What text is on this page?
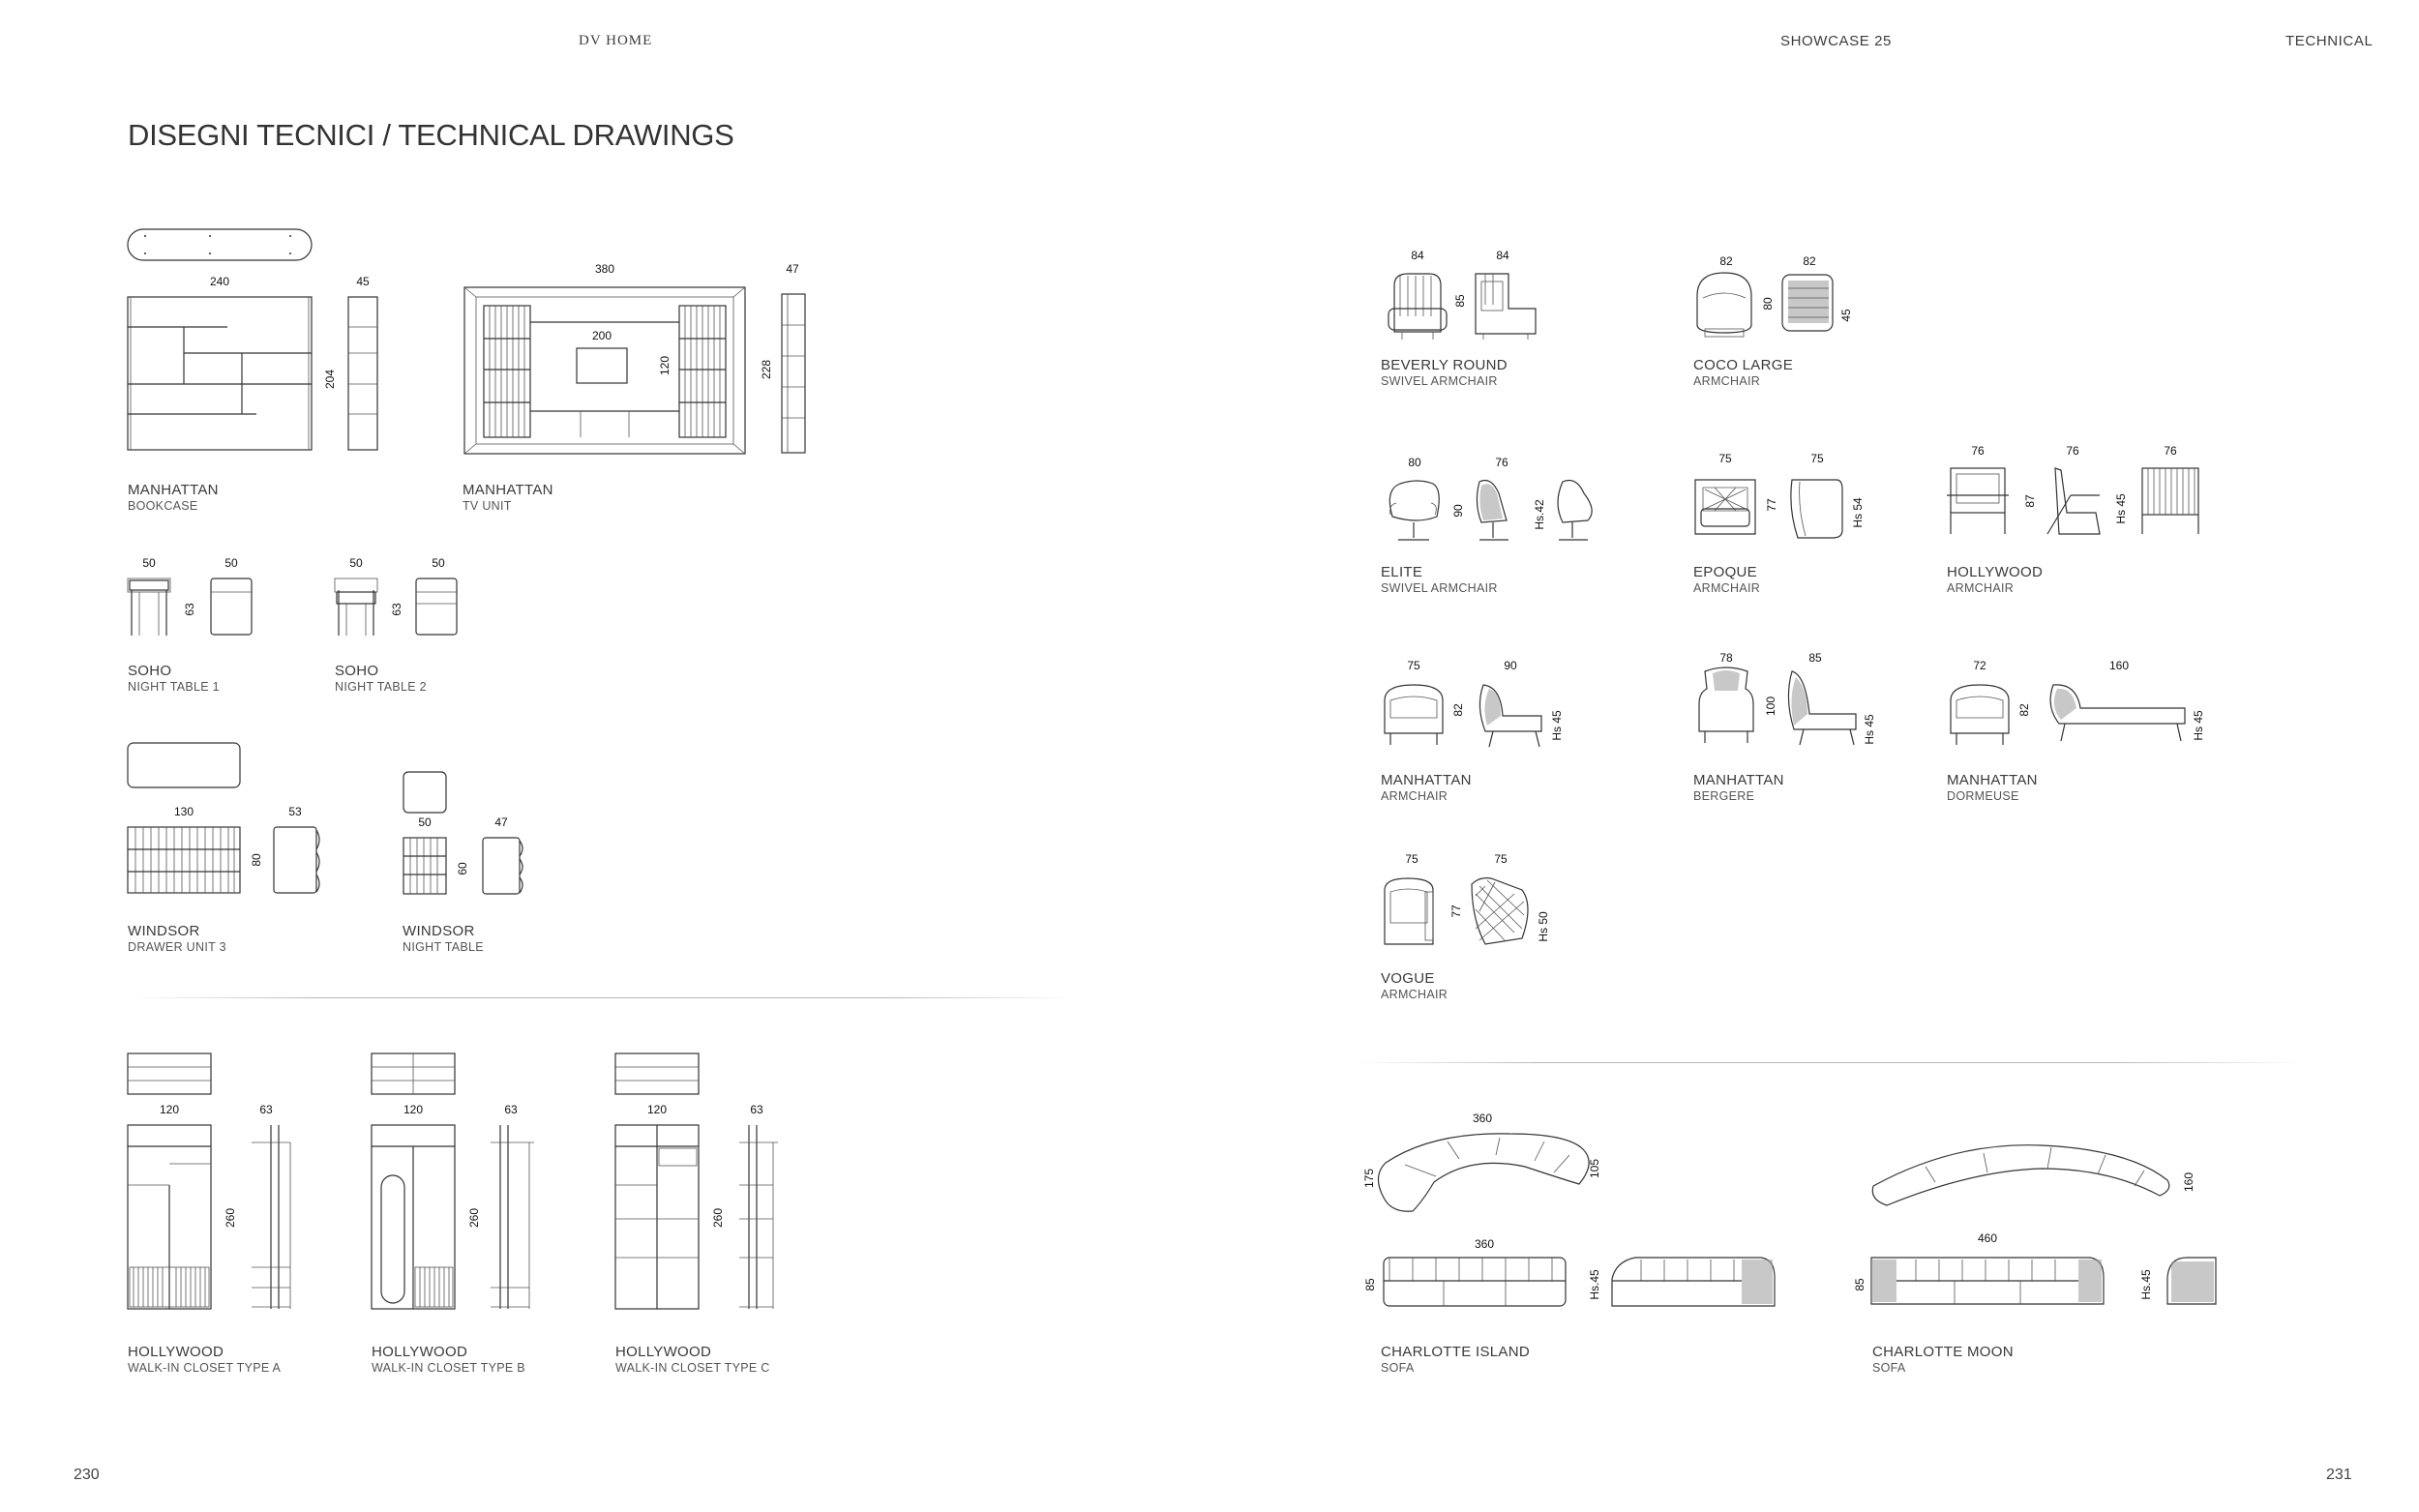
DV HOME	SHOWCASE 25	TECHNICAL
DISEGNI TECNICI / TECHNICAL DRAWINGS
240	45
204
MANHATTAN
BOOKCASE
380	47
200
120	228
MANHATTAN
TV UNIT
50	50
63
SOHO
NIGHT TABLE 1
50	50
63
SOHO
NIGHT TABLE 2
130	53
80
WINDSOR
DRAWER UNIT 3
50	47
60
WINDSOR
NIGHT TABLE
120	63
260
HOLLYWOOD
WALK-IN CLOSET TYPE A
120	63
260
HOLLYWOOD
WALK-IN CLOSET TYPE B
120	63
260
HOLLYWOOD
WALK-IN CLOSET TYPE C
84	84
85
BEVERLY ROUND
SWIVEL ARMCHAIR
82	82
80
45
COCO LARGE
ARMCHAIR
80	76
90	Hs.42
ELITE
SWIVEL ARMCHAIR
75	75
77	Hs 54
EPOQUE
ARMCHAIR
76	76	76
87	Hs 45
HOLLYWOOD
ARMCHAIR
75	90
82
Hs 45
MANHATTAN
ARMCHAIR
78	85
100
Hs 45
MANHATTAN
BERGERE
72	160
82
Hs 45
MANHATTAN
DORMEUSE
75	75
77
Hs 50
VOGUE
ARMCHAIR
360
175	105
360
85	Hs.45
CHARLOTTE ISLAND
SOFA
160
460
85	Hs.45
CHARLOTTE MOON
SOFA
230	231
